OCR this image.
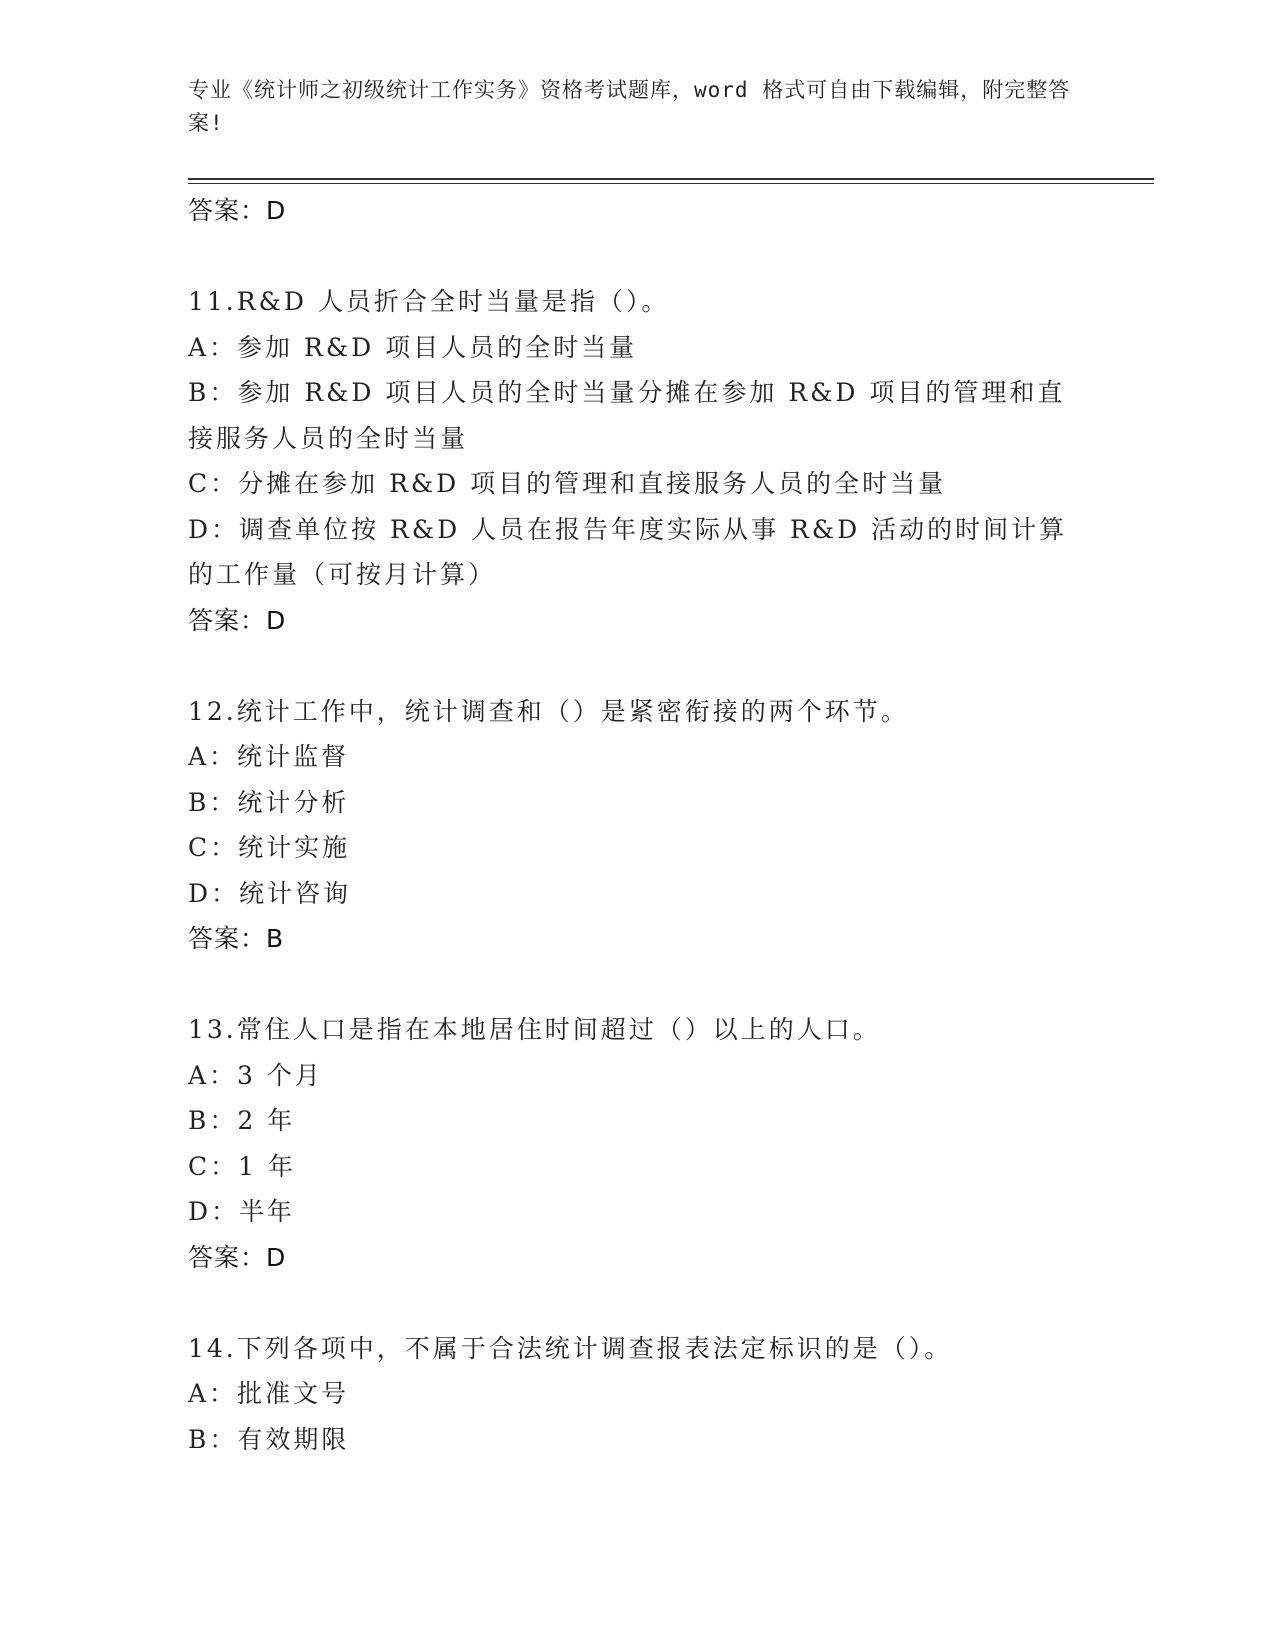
专业《统计师之初级统计工作实务》资格考试题库，word 格式可自由下载编辑，附完整答案!
答案：D
11.R&D 人员折合全时当量是指（）。
A：参加 R&D 项目人员的全时当量
B：参加 R&D 项目人员的全时当量分摊在参加 R&D 项目的管理和直接服务人员的全时当量
C：分摊在参加 R&D 项目的管理和直接服务人员的全时当量
D：调查单位按 R&D 人员在报告年度实际从事 R&D 活动的时间计算的工作量（可按月计算）
答案：D
12.统计工作中，统计调查和（）是紧密衔接的两个环节。
A：统计监督
B：统计分析
C：统计实施
D：统计咨询
答案：B
13.常住人口是指在本地居住时间超过（）以上的人口。
A：3 个月
B：2 年
C：1 年
D：半年
答案：D
14.下列各项中，不属于合法统计调查报表法定标识的是（）。
A：批准文号
B：有效期限
